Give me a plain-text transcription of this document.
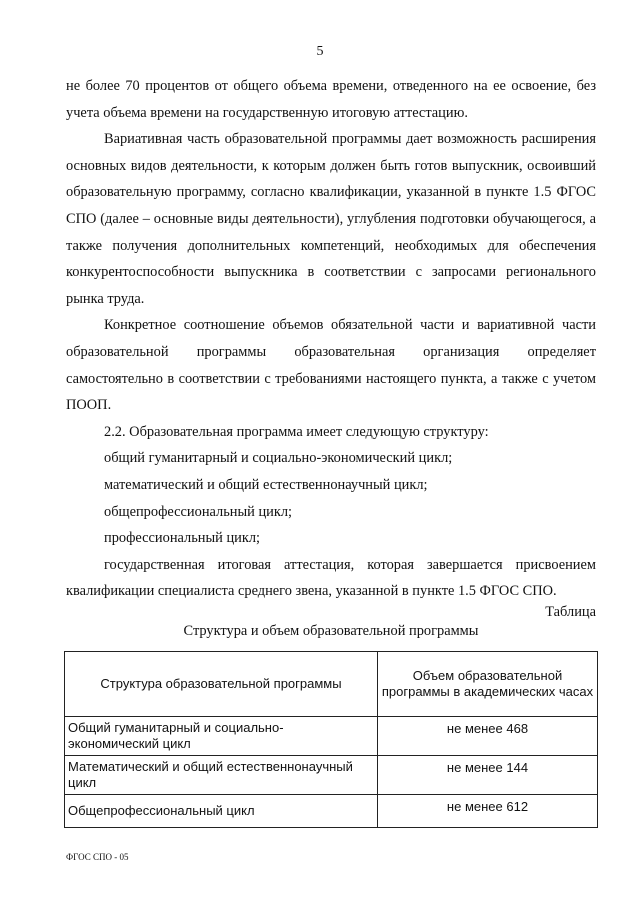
5

не более 70 процентов от общего объема времени, отведенного на ее освоение, без учета объема времени на государственную итоговую аттестацию.

Вариативная часть образовательной программы дает возможность расширения основных видов деятельности, к которым должен быть готов выпускник, освоивший образовательную программу, согласно квалификации, указанной в пункте 1.5 ФГОС СПО (далее – основные виды деятельности), углубления подготовки обучающегося, а также получения дополнительных компетенций, необходимых для обеспечения конкурентоспособности выпускника в соответствии с запросами регионального рынка труда.

Конкретное соотношение объемов обязательной части и вариативной части образовательной программы образовательная организация определяет самостоятельно в соответствии с требованиями настоящего пункта, а также с учетом ПООП.

2.2. Образовательная программа имеет следующую структуру:

общий гуманитарный и социально-экономический цикл;

математический и общий естественнонаучный цикл;

общепрофессиональный цикл;

профессиональный цикл;

государственная итоговая аттестация, которая завершается присвоением квалификации специалиста среднего звена, указанной в пункте 1.5 ФГОС СПО.

Таблица
Структура и объем образовательной программы
Структура образовательной программы	Объем образовательной программы в академических часах
Общий гуманитарный и социально-экономический цикл	не менее 468
Математический и общий естественнонаучный цикл	не менее 144
Общепрофессиональный цикл	не менее 612
ФГОС СПО - 05
